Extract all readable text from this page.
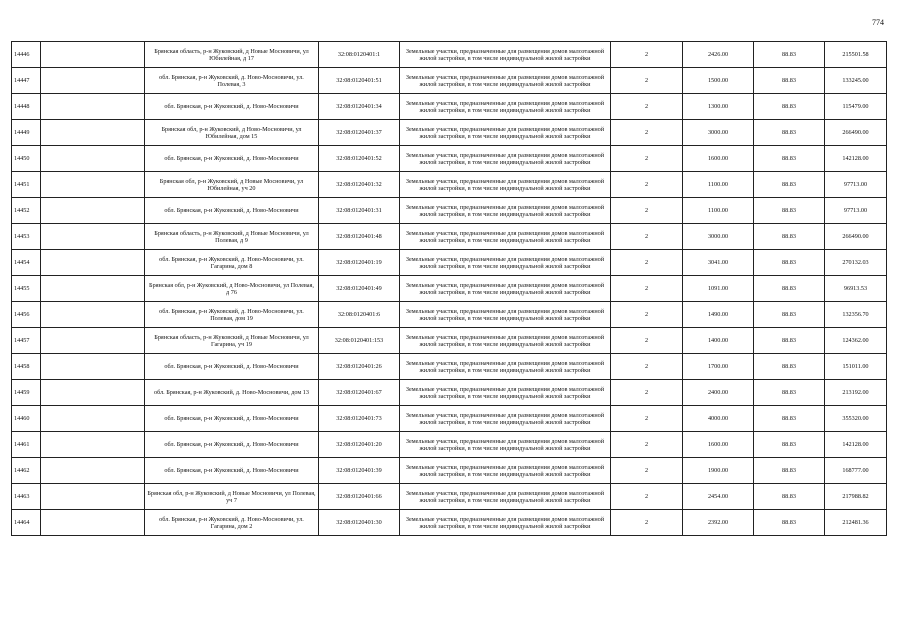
774
14446		Брянская область, р-н Жуковский, д Новые Мосновичи, ул Юбилейная, д 17	32:08:0120401:1	Земельные участки, предназначенные для размещения домов малоэтажной жилой застройки, в том числе индивидуальной жилой застройки	2	2426.00	88.83	215501.58
14447		обл. Брянская, р-н Жуковский, д. Ново-Мосновичи, ул. Полевая, 3	32:08:0120401:51	Земельные участки, предназначенные для размещения домов малоэтажной жилой застройки, в том числе индивидуальной жилой застройки	2	1500.00	88.83	133245.00
14448		обл. Брянская, р-н Жуковский, д. Ново-Мосновичи	32:08:0120401:34	Земельные участки, предназначенные для размещения домов малоэтажной жилой застройки, в том числе индивидуальной жилой застройки	2	1300.00	88.83	115479.00
14449		Брянская обл, р-н Жуковский, д Ново-Мосновичи, ул Юбилейная, дом 15	32:08:0120401:37	Земельные участки, предназначенные для размещения домов малоэтажной жилой застройки, в том числе индивидуальной жилой застройки	2	3000.00	88.83	266490.00
14450		обл. Брянская, р-н Жуковский, д. Ново-Мосновичи	32:08:0120401:52	Земельные участки, предназначенные для размещения домов малоэтажной жилой застройки, в том числе индивидуальной жилой застройки	2	1600.00	88.83	142128.00
14451		Брянская обл, р-н Жуковский, д Новые Мосновичи, ул Юбилейная, уч 20	32:08:0120401:32	Земельные участки, предназначенные для размещения домов малоэтажной жилой застройки, в том числе индивидуальной жилой застройки	2	1100.00	88.83	97713.00
14452		обл. Брянская, р-н Жуковский, д. Ново-Мосновичи	32:08:0120401:31	Земельные участки, предназначенные для размещения домов малоэтажной жилой застройки, в том числе индивидуальной жилой застройки	2	1100.00	88.83	97713.00
14453		Брянская область, р-н Жуковский, д Новые Мосновичи, ул Полевая, д 9	32:08:0120401:48	Земельные участки, предназначенные для размещения домов малоэтажной жилой застройки, в том числе индивидуальной жилой застройки	2	3000.00	88.83	266490.00
14454		обл. Брянская, р-н Жуковский, д. Ново-Мосновичи, ул. Гагарина, дом 8	32:08:0120401:19	Земельные участки, предназначенные для размещения домов малоэтажной жилой застройки, в том числе индивидуальной жилой застройки	2	3041.00	88.83	270132.03
14455		Брянская обл, р-н Жуковский, д Ново-Мосновичи, ул Полевая, д 76	32:08:0120401:49	Земельные участки, предназначенные для размещения домов малоэтажной жилой застройки, в том числе индивидуальной жилой застройки	2	1091.00	88.83	96913.53
14456		обл. Брянская, р-н Жуковский, д. Ново-Мосновичи, ул. Полевая, дом 19	32:08:0120401:6	Земельные участки, предназначенные для размещения домов малоэтажной жилой застройки, в том числе индивидуальной жилой застройки	2	1490.00	88.83	132356.70
14457		Брянская область, р-н Жуковский, д Новые Мосновичи, ул Гагарина, уч 19	32:08:0120401:153	Земельные участки, предназначенные для размещения домов малоэтажной жилой застройки, в том числе индивидуальной жилой застройки	2	1400.00	88.83	124362.00
14458		обл. Брянская, р-н Жуковский, д. Ново-Мосновичи	32:08:0120401:26	Земельные участки, предназначенные для размещения домов малоэтажной жилой застройки, в том числе индивидуальной жилой застройки	2	1700.00	88.83	151011.00
14459		обл. Брянская, р-н Жуковский, д. Ново-Мосновичи, дом 13	32:08:0120401:67	Земельные участки, предназначенные для размещения домов малоэтажной жилой застройки, в том числе индивидуальной жилой застройки	2	2400.00	88.83	213192.00
14460		обл. Брянская, р-н Жуковский, д. Ново-Мосновичи	32:08:0120401:73	Земельные участки, предназначенные для размещения домов малоэтажной жилой застройки, в том числе индивидуальной жилой застройки	2	4000.00	88.83	355320.00
14461		обл. Брянская, р-н Жуковский, д. Ново-Мосновичи	32:08:0120401:20	Земельные участки, предназначенные для размещения домов малоэтажной жилой застройки, в том числе индивидуальной жилой застройки	2	1600.00	88.83	142128.00
14462		обл. Брянская, р-н Жуковский, д. Ново-Мосновичи	32:08:0120401:39	Земельные участки, предназначенные для размещения домов малоэтажной жилой застройки, в том числе индивидуальной жилой застройки	2	1900.00	88.83	168777.00
14463		Брянская обл, р-н Жуковский, д Новые Мосновичи, ул Полевая, уч 7	32:08:0120401:66	Земельные участки, предназначенные для размещения домов малоэтажной жилой застройки, в том числе индивидуальной жилой застройки	2	2454.00	88.83	217988.82
14464		обл. Брянская, р-н Жуковский, д. Ново-Мосновичи, ул. Гагарина, дом 2	32:08:0120401:30	Земельные участки, предназначенные для размещения домов малоэтажной жилой застройки, в том числе индивидуальной жилой застройки	2	2392.00	88.83	212481.36
